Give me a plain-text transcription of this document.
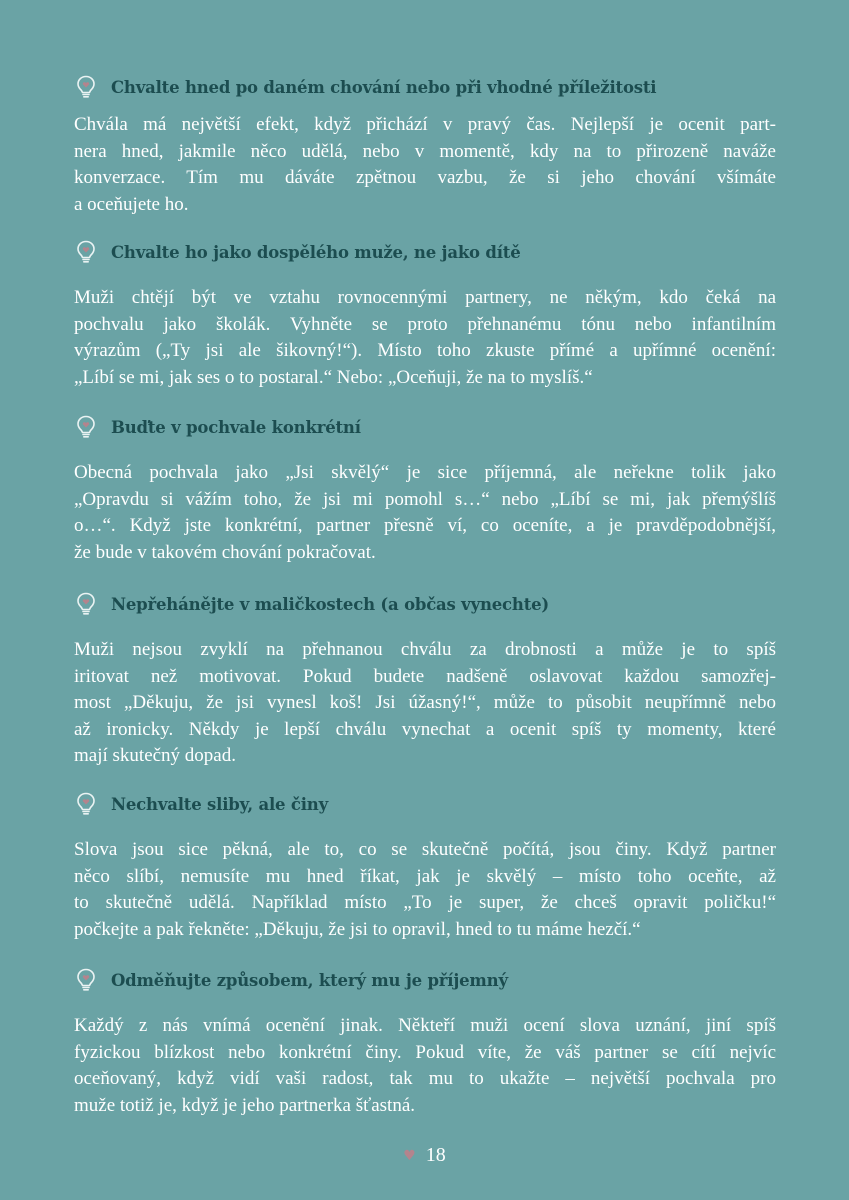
Chvalte hned po daném chování nebo při vhodné příležitosti
Chvála má největší efekt, když přichází v pravý čas. Nejlepší je ocenit part-
nera hned, jakmile něco udělá, nebo v momentě, kdy na to přirozeně naváže
konverzace. Tím mu dáváte zpětnou vazbu, že si jeho chování všímáte
a oceňujete ho.
Chvalte ho jako dospělého muže, ne jako dítě
Muži chtějí být ve vztahu rovnocennými partnery, ne někým, kdo čeká na
pochvalu jako školák. Vyhněte se proto přehnanému tónu nebo infantilním
výrazům („Ty jsi ale šikovný!“). Místo toho zkuste přímé a upřímné ocenění:
„Líbí se mi, jak ses o to postaral.“ Nebo: „Oceňuji, že na to myslíš.“
Buďte v pochvale konkrétní
Obecná pochvala jako „Jsi skvělý“ je sice příjemná, ale neřekne tolik jako
„Opravdu si vážím toho, že jsi mi pomohl s…“ nebo „Líbí se mi, jak přemýšlíš
o…“. Když jste konkrétní, partner přesně ví, co oceníte, a je pravděpodobnější,
že bude v takovém chování pokračovat.
Nepřehánějte v maličkostech (a občas vynechte)
Muži nejsou zvyklí na přehnanou chválu za drobnosti a může je to spíš
iritovat než motivovat. Pokud budete nadšeně oslavovat každou samozřej-
most „Děkuju, že jsi vynesl koš! Jsi úžasný!“, může to působit neupřímně nebo
až ironicky. Někdy je lepší chválu vynechat a ocenit spíš ty momenty, které
mají skutečný dopad.
Nechvalte sliby, ale činy
Slova jsou sice pěkná, ale to, co se skutečně počítá, jsou činy. Když partner
něco slíbí, nemusíte mu hned říkat, jak je skvělý – místo toho oceňte, až
to skutečně udělá. Například místo „To je super, že chceš opravit poličku!“
počkejte a pak řekněte: „Děkuju, že jsi to opravil, hned to tu máme hezčí.“
Odměňujte způsobem, který mu je příjemný
Každý z nás vnímá ocenění jinak. Někteří muži ocení slova uznání, jiní spíš
fyzickou blízkost nebo konkrétní činy. Pokud víte, že váš partner se cítí nejvíc
oceňovaný, když vidí vaši radost, tak mu to ukažte – největší pochvala pro
muže totiž je, když je jeho partnerka šťastná.
♥ 18
